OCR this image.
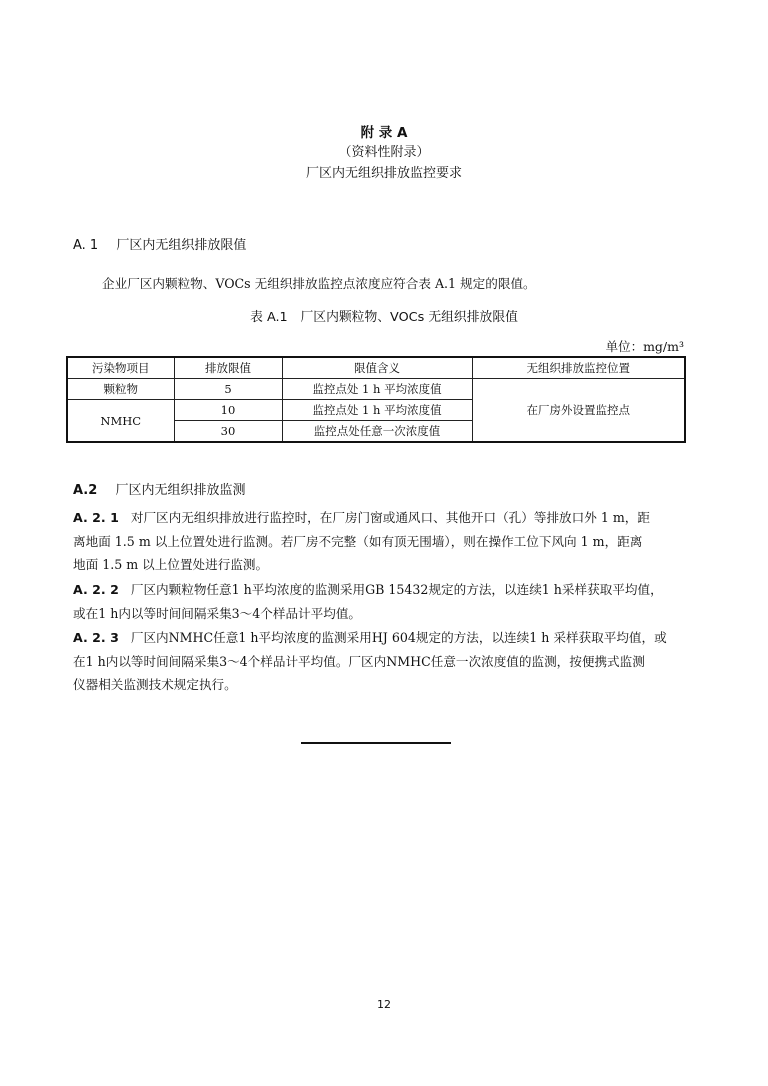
附 录 A
（资料性附录）
厂区内无组织排放监控要求
A. 1 厂区内无组织排放限值
企业厂区内颗粒物、VOCs 无组织排放监控点浓度应符合表 A.1 规定的限值。
表 A.1　厂区内颗粒物、VOCs 无组织排放限值
单位：mg/m³
污染物项目	排放限值	限值含义	无组织排放监控位置
颗粒物	5	监控点处 1 h 平均浓度值	在厂房外设置监控点
NMHC	10	监控点处 1 h 平均浓度值	
	30	监控点处任意一次浓度值	
A.2 厂区内无组织排放监测
A. 2. 1 对厂区内无组织排放进行监控时，在厂房门窗或通风口、其他开口（孔）等排放口外 1 m，距
离地面 1.5 m 以上位置处进行监测。若厂房不完整（如有顶无围墙），则在操作工位下风向 1 m，距离
地面 1.5 m 以上位置处进行监测。
A. 2. 2 厂区内颗粒物任意1 h平均浓度的监测采用GB 15432规定的方法，以连续1 h采样获取平均值，
或在1 h内以等时间间隔采集3～4个样品计平均值。
A. 2. 3 厂区内NMHC任意1 h平均浓度的监测采用HJ 604规定的方法，以连续1 h 采样获取平均值，或
在1 h内以等时间间隔采集3～4个样品计平均值。厂区内NMHC任意一次浓度值的监测，按便携式监测
仪器相关监测技术规定执行。
12
